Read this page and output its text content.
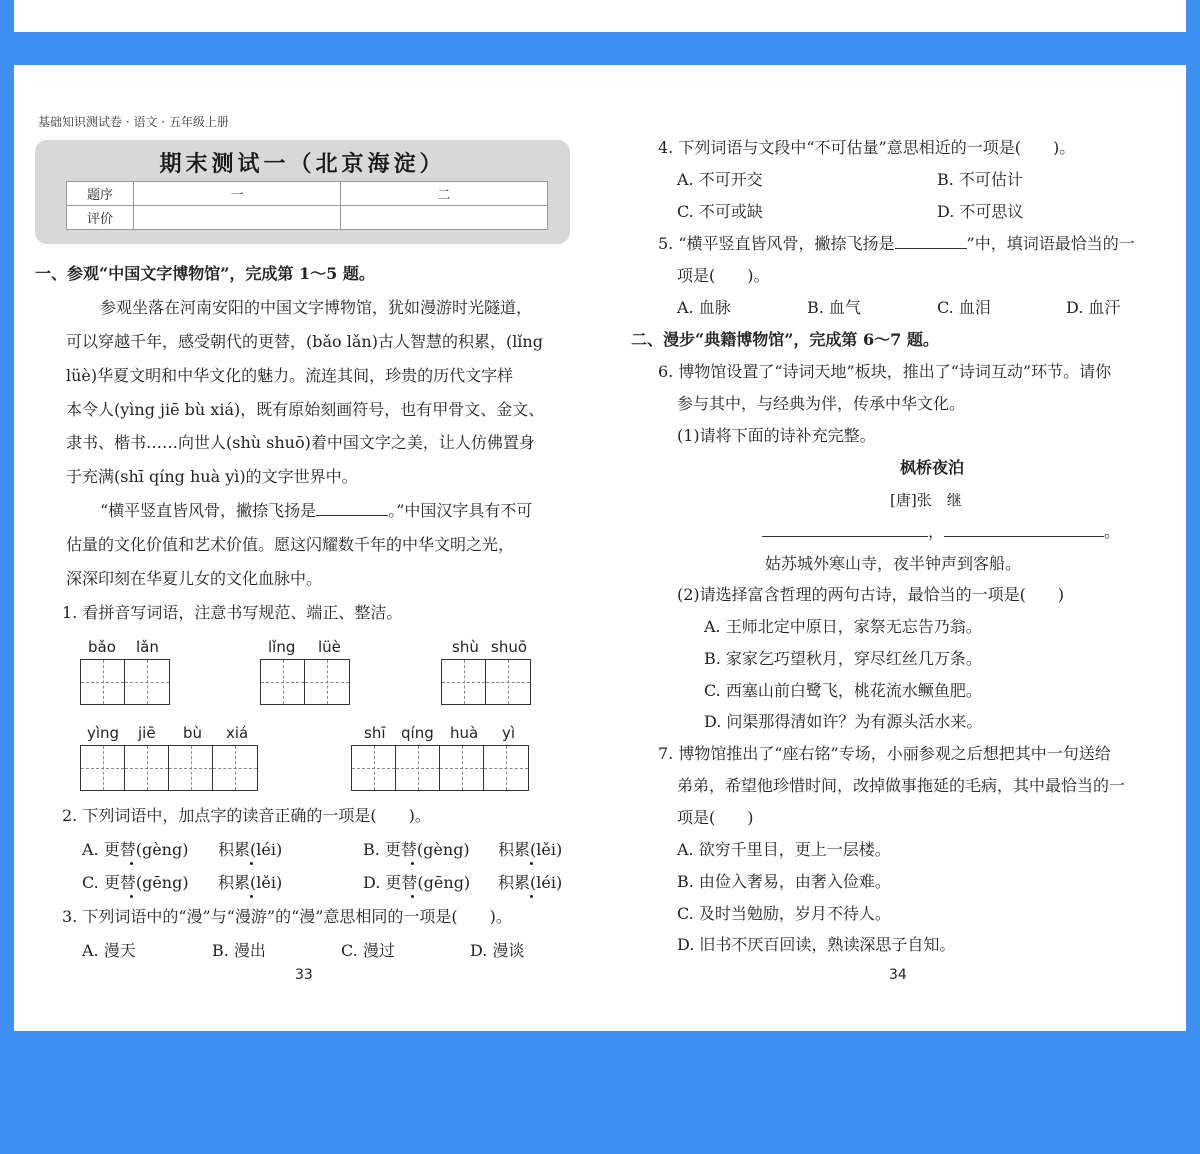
基础知识测试卷 · 语文 · 五年级上册
期末测试一（北京海淀）
题序	一	二
评价		
一、参观“中国文字博物馆”，完成第 1～5 题。
参观坐落在河南安阳的中国文字博物馆，犹如漫游时光隧道，
可以穿越千年，感受朝代的更替，(bǎo lǎn)古人智慧的积累，(lǐng
lüè)华夏文明和中华文化的魅力。流连其间，珍贵的历代文字样
本令人(yìng jiē bù xiá)，既有原始刻画符号，也有甲骨文、金文、
隶书、楷书……向世人(shù shuō)着中国文字之美，让人仿佛置身
于充满(shī qíng huà yì)的文字世界中。
“横平竖直皆风骨，撇捺飞扬是	。”中国汉字具有不可
估量的文化价值和艺术价值。愿这闪耀数千年的中华文明之光，
深深印刻在华夏儿女的文化血脉中。
1. 看拼音写词语，注意书写规范、端正、整洁。
bǎo lǎn	lǐng lüè	shù shuō
yìng jiē bù xiá	shī qíng huà yì
2. 下列词语中，加点字的读音正确的一项是(　　)。
A. 更替(gèng) 积累(léi)	B. 更替(gèng) 积累(lěi)
C. 更替(gēng) 积累(lěi)	D. 更替(gēng) 积累(léi)
3. 下列词语中的“漫”与“漫游”的“漫”意思相同的一项是(　　)。
A. 漫天	B. 漫出	C. 漫过	D. 漫谈
33
4. 下列词语与文段中“不可估量”意思相近的一项是(　　)。
A. 不可开交	B. 不可估计
C. 不可或缺	D. 不可思议
5. “横平竖直皆风骨，撇捺飞扬是	”中，填词语最恰当的一
项是(　　)。
A. 血脉	B. 血气	C. 血泪	D. 血汗
二、漫步“典籍博物馆”，完成第 6～7 题。
6. 博物馆设置了“诗词天地”板块，推出了“诗词互动”环节。请你
参与其中，与经典为伴，传承中华文化。
(1)请将下面的诗补充完整。
枫桥夜泊
[唐]张　继
，	。
姑苏城外寒山寺，夜半钟声到客船。
(2)请选择富含哲理的两句古诗，最恰当的一项是(　　)
A. 王师北定中原日，家祭无忘告乃翁。
B. 家家乞巧望秋月，穿尽红丝几万条。
C. 西塞山前白鹭飞，桃花流水鳜鱼肥。
D. 问渠那得清如许？为有源头活水来。
7. 博物馆推出了“座右铭”专场，小丽参观之后想把其中一句送给
弟弟，希望他珍惜时间，改掉做事拖延的毛病，其中最恰当的一
项是(　　)
A. 欲穷千里目，更上一层楼。
B. 由俭入奢易，由奢入俭难。
C. 及时当勉励，岁月不待人。
D. 旧书不厌百回读，熟读深思子自知。
34
